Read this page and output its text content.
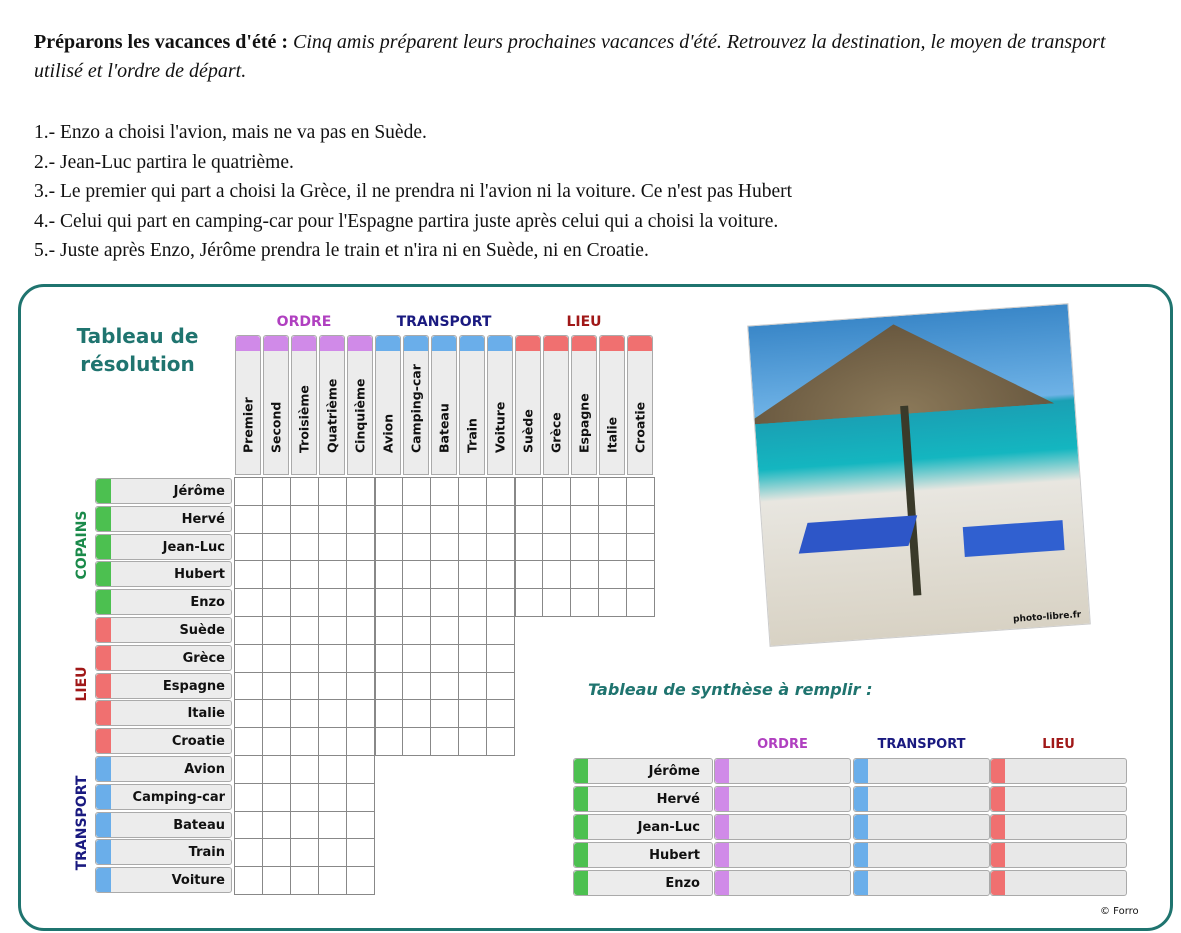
Préparons les vacances d'été : Cinq amis préparent leurs prochaines vacances d'été. Retrouvez la destination, le moyen de transport utilisé et l'ordre de départ.
1.- Enzo a choisi l'avion, mais ne va pas en Suède.
2.- Jean-Luc partira le quatrième.
3.- Le premier qui part a choisi la Grèce, il ne prendra ni l'avion ni la voiture. Ce n'est pas Hubert
4.- Celui qui part en camping-car pour l'Espagne partira juste après celui qui a choisi la voiture.
5.- Juste après Enzo, Jérôme prendra le train et n'ira ni en Suède, ni en Croatie.
Tableau de
résolution
photo-libre.fr
Tableau de synthèse à remplir :
© Forro
ORDRE
Premier Second Troisième Quatrième Cinquième
TRANSPORT
Avion Camping-car Bateau Train Voiture
LIEU
Suède Grèce Espagne Italie Croatie
COPAINS
Jérôme
Hervé
Jean-Luc
Hubert
Enzo
LIEU
Suède
Grèce
Espagne
Italie
Croatie
TRANSPORT
Avion
Camping-car
Bateau
Train
Voiture
ORDRE	TRANSPORT	LIEU
Jérôme
Hervé
Jean-Luc
Hubert
Enzo
